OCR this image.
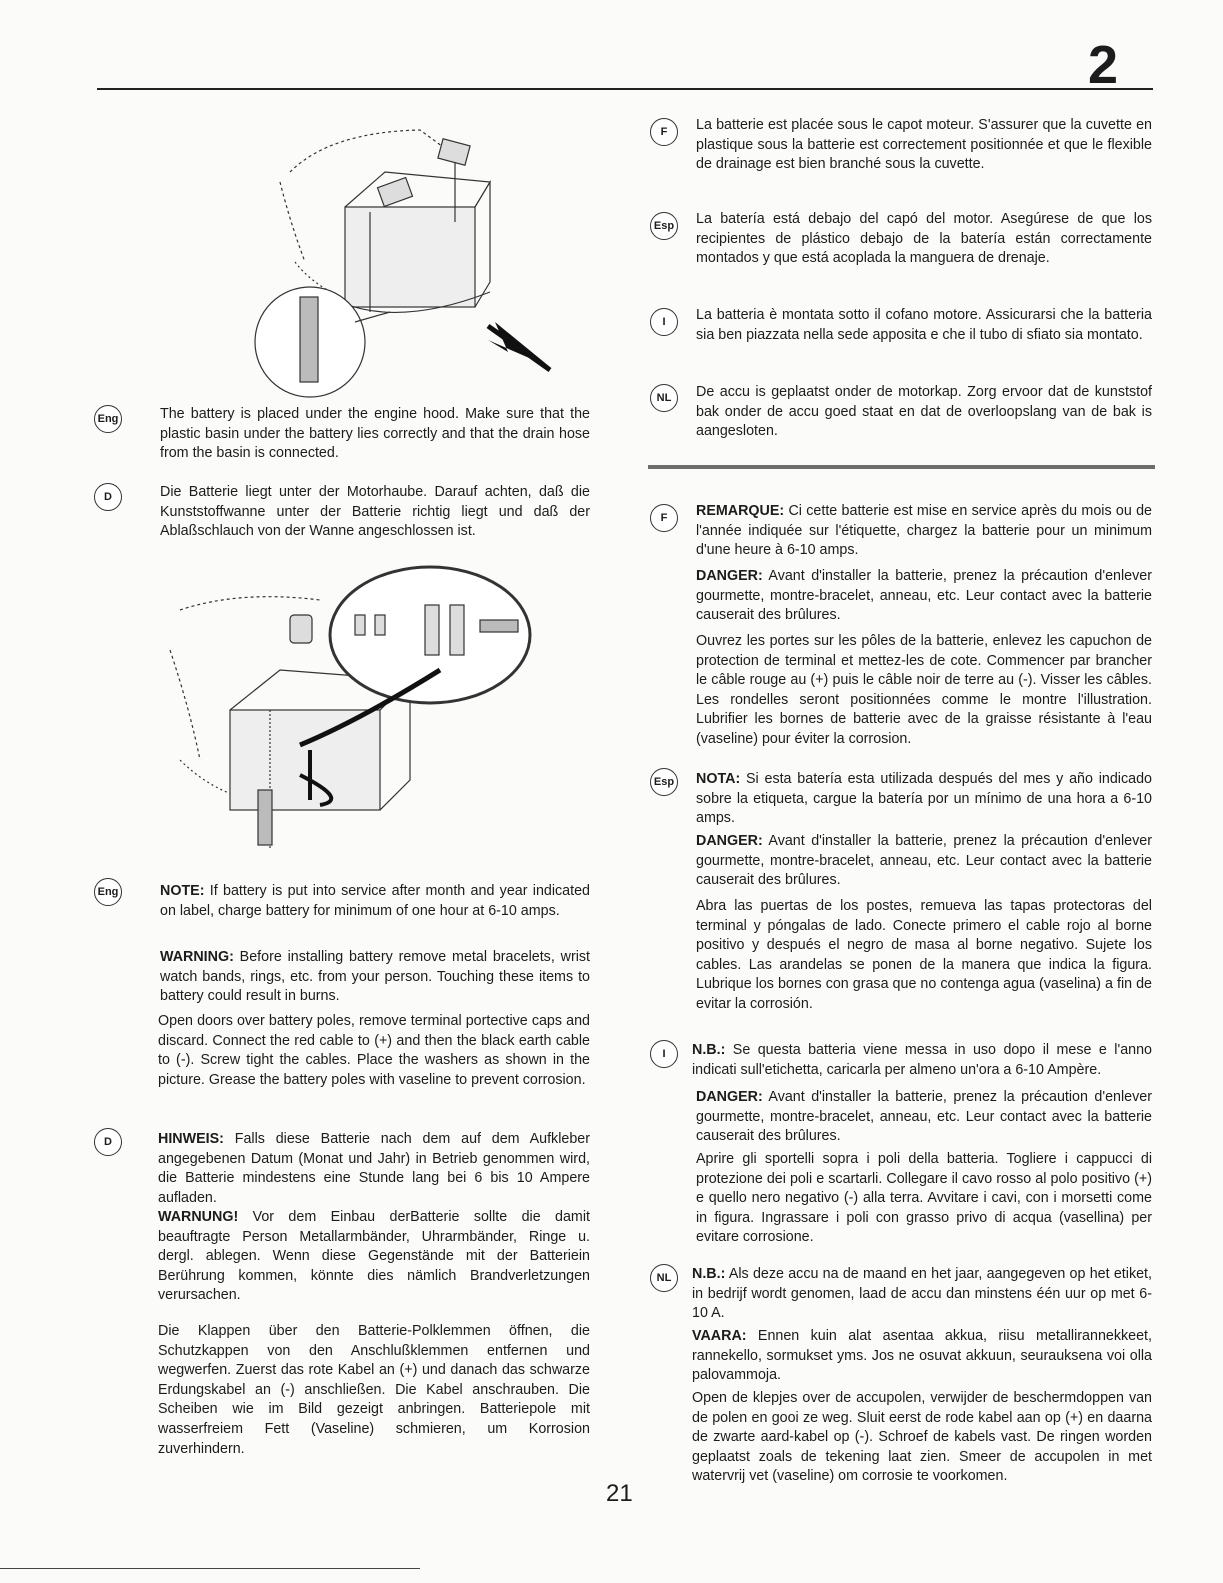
2
21
Eng	The battery is placed under the engine hood. Make sure that the plastic basin under the battery lies correctly and that the drain hose from the basin is connected.

D	Die Batterie liegt unter der Motorhaube. Darauf achten, daß die Kunststoffwanne unter der Batterie richtig liegt und daß der Ablaßschlauch von der Wanne angeschlossen ist.

Eng	NOTE: If battery is put into service after month and year indicated on label, charge battery for minimum of one hour at 6-10 amps.

WARNING: Before installing battery remove metal bracelets, wrist watch bands, rings, etc. from your person. Touching these items to battery could result in burns.

Open doors over battery poles, remove terminal portective caps and discard. Connect the red cable to (+) and then the black earth cable to (-). Screw tight the cables. Place the washers as shown in the picture. Grease the battery poles with vaseline to prevent corrosion.

D	HINWEIS: Falls diese Batterie nach dem auf dem Aufkleber angegebenen Datum (Monat und Jahr) in Betrieb genommen wird, die Batterie mindestens eine Stunde lang bei 6 bis 10 Ampere aufladen.

WARNUNG! Vor dem Einbau derBatterie sollte die damit beauftragte Person Metallarmbänder, Uhrarmbänder, Ringe u. dergl. ablegen. Wenn diese Gegenstände mit der Batteriein Berührung kommen, könnte dies nämlich Brandverletzungen verursachen.

Die Klappen über den Batterie-Polklemmen öffnen, die Schutzkappen von den Anschlußklemmen entfernen und wegwerfen. Zuerst das rote Kabel an (+) und danach das schwarze Erdungskabel an (-) anschließen. Die Kabel anschrauben. Die Scheiben wie im Bild gezeigt anbringen. Batteriepole mit wasserfreiem Fett (Vaseline) schmieren, um Korrosion zuverhindern.

F	La batterie est placée sous le capot moteur. S'assurer que la cuvette en plastique sous la batterie est correctement positionnée et que le flexible de drainage est bien branché sous la cuvette.

Esp La batería está debajo del capó del motor. Asegúrese de que los recipientes de plástico debajo de la batería están correctamente montados y que está acoplada la manguera de drenaje.

I	La batteria è montata sotto il cofano motore. Assicurarsi che la batteria sia ben piazzata nella sede apposita e che il tubo di sfiato sia montato.

NL	De accu is geplaatst onder de motorkap. Zorg ervoor dat de kunststof bak onder de accu goed staat en dat de overloopslang van de bak is aangesloten.

F	REMARQUE: Ci cette batterie est mise en service après du mois ou de l'année indiquée sur l'étiquette, chargez la batterie pour un minimum d'une heure à 6-10 amps.

DANGER: Avant d'installer la batterie, prenez la précaution d'enlever gourmette, montre-bracelet, anneau, etc. Leur contact avec la batterie causerait des brûlures.

Ouvrez les portes sur les pôles de la batterie, enlevez les capuchon de protection de terminal et mettez-les de cote. Commencer par brancher le câble rouge au (+) puis le câble noir de terre au (-). Visser les câbles. Les rondelles seront positionnées comme le montre l'illustration. Lubrifier les bornes de batterie avec de la graisse résistante à l'eau (vaseline) pour éviter la corrosion.

Esp NOTA: Si esta batería esta utilizada después del mes y año indicado sobre la etiqueta, cargue la batería por un mínimo de una hora a 6-10 amps.

DANGER: Avant d'installer la batterie, prenez la précaution d'enlever gourmette, montre-bracelet, anneau, etc. Leur contact avec la batterie causerait des brûlures.

Abra las puertas de los postes, remueva las tapas protectoras del terminal y póngalas de lado. Conecte primero el cable rojo al borne positivo y después el negro de masa al borne negativo. Sujete los cables. Las arandelas se ponen de la manera que indica la figura. Lubrique los bornes con grasa que no contenga agua (vaselina) a fin de evitar la corrosión.

I	N.B.: Se questa batteria viene messa in uso dopo il mese e l'anno indicati sull'etichetta, caricarla per almeno un'ora a 6-10 Ampère.

DANGER: Avant d'installer la batterie, prenez la précaution d'enlever gourmette, montre-bracelet, anneau, etc. Leur contact avec la batterie causerait des brûlures.

Aprire gli sportelli sopra i poli della batteria. Togliere i cappucci di protezione dei poli e scartarli. Collegare il cavo rosso al polo positivo (+) e quello nero negativo (-) alla terra. Avvitare i cavi, con i morsetti come in figura. Ingrassare i poli con grasso privo di acqua (vasellina) per evitare corrosione.

NL	N.B.: Als deze accu na de maand en het jaar, aangegeven op het etiket, in bedrijf wordt genomen, laad de accu dan minstens één uur op met 6-10 A.

VAARA: Ennen kuin alat asentaa akkua, riisu metallirannekkeet, rannekello, sormukset yms. Jos ne osuvat akkuun, seurauksena voi olla palovammoja.

Open de klepjes over de accupolen, verwijder de beschermdoppen van de polen en gooi ze weg. Sluit eerst de rode kabel aan op (+) en daarna de zwarte aard-kabel op (-). Schroef de kabels vast. De ringen worden geplaatst zoals de tekening laat zien. Smeer de accupolen in met watervrij vet (vaseline) om corrosie te voorkomen.
